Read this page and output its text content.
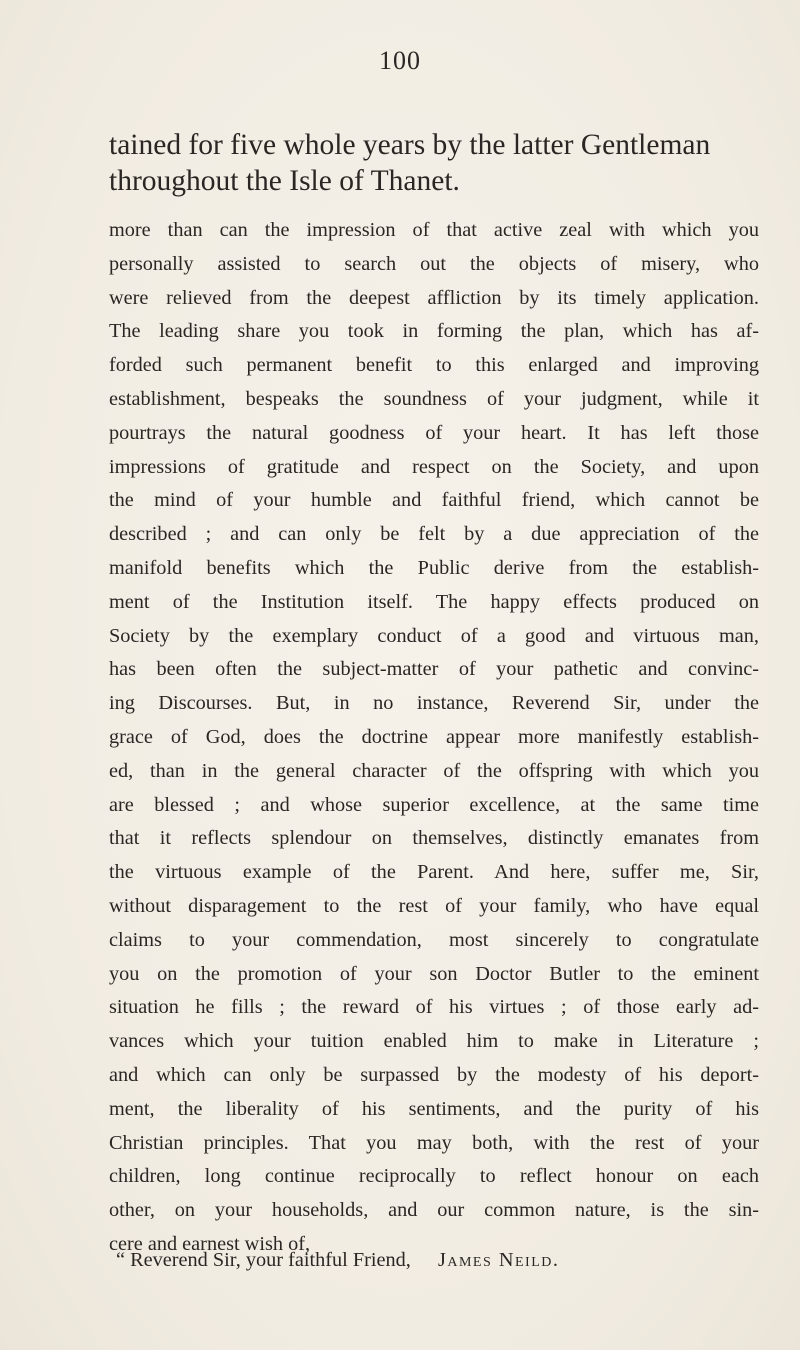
100
tained for five whole years by the latter Gentleman throughout the Isle of Thanet.
more than can the impression of that active zeal with which you
personally assisted to search out the objects of misery, who
were relieved from the deepest affliction by its timely application.
The leading share you took in forming the plan, which has af-
forded such permanent benefit to this enlarged and improving
establishment, bespeaks the soundness of your judgment, while it
pourtrays the natural goodness of your heart. It has left those
impressions of gratitude and respect on the Society, and upon
the mind of your humble and faithful friend, which cannot be
described ; and can only be felt by a due appreciation of the
manifold benefits which the Public derive from the establish-
ment of the Institution itself. The happy effects produced on
Society by the exemplary conduct of a good and virtuous man,
has been often the subject-matter of your pathetic and convinc-
ing Discourses. But, in no instance, Reverend Sir, under the
grace of God, does the doctrine appear more manifestly establish-
ed, than in the general character of the offspring with which you
are blessed ; and whose superior excellence, at the same time
that it reflects splendour on themselves, distinctly emanates from
the virtuous example of the Parent. And here, suffer me, Sir,
without disparagement to the rest of your family, who have equal
claims to your commendation, most sincerely to congratulate
you on the promotion of your son Doctor Butler to the eminent
situation he fills ; the reward of his virtues ; of those early ad-
vances which your tuition enabled him to make in Literature ;
and which can only be surpassed by the modesty of his deport-
ment, the liberality of his sentiments, and the purity of his
Christian principles. That you may both, with the rest of your
children, long continue reciprocally to reflect honour on each
other, on your households, and our common nature, is the sin-
cere and earnest wish of,
“ Reverend Sir, your faithful Friend, James Neild.
